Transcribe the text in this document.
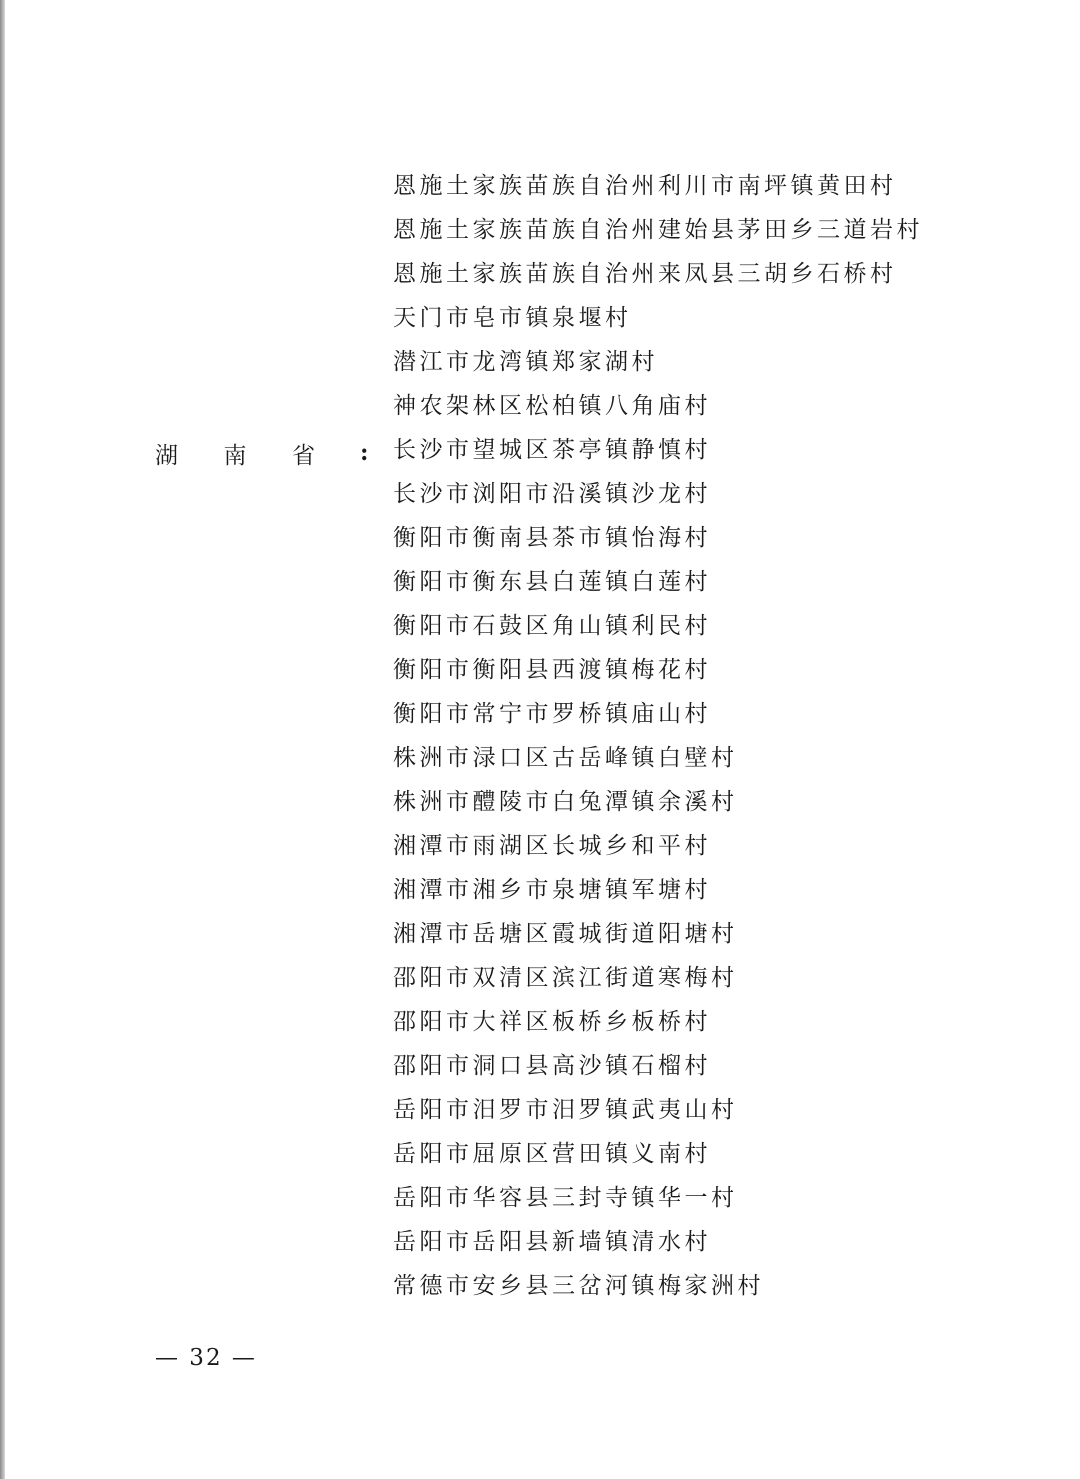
湖 南 省 :
恩施土家族苗族自治州利川市南坪镇黄田村
恩施土家族苗族自治州建始县茅田乡三道岩村
恩施土家族苗族自治州来凤县三胡乡石桥村
天门市皂市镇泉堰村
潜江市龙湾镇郑家湖村
神农架林区松柏镇八角庙村
长沙市望城区茶亭镇静慎村
长沙市浏阳市沿溪镇沙龙村
衡阳市衡南县茶市镇怡海村
衡阳市衡东县白莲镇白莲村
衡阳市石鼓区角山镇利民村
衡阳市衡阳县西渡镇梅花村
衡阳市常宁市罗桥镇庙山村
株洲市渌口区古岳峰镇白壁村
株洲市醴陵市白兔潭镇余溪村
湘潭市雨湖区长城乡和平村
湘潭市湘乡市泉塘镇军塘村
湘潭市岳塘区霞城街道阳塘村
邵阳市双清区滨江街道寒梅村
邵阳市大祥区板桥乡板桥村
邵阳市洞口县高沙镇石榴村
岳阳市汨罗市汨罗镇武夷山村
岳阳市屈原区营田镇义南村
岳阳市华容县三封寺镇华一村
岳阳市岳阳县新墙镇清水村
常德市安乡县三岔河镇梅家洲村
— 32 —
